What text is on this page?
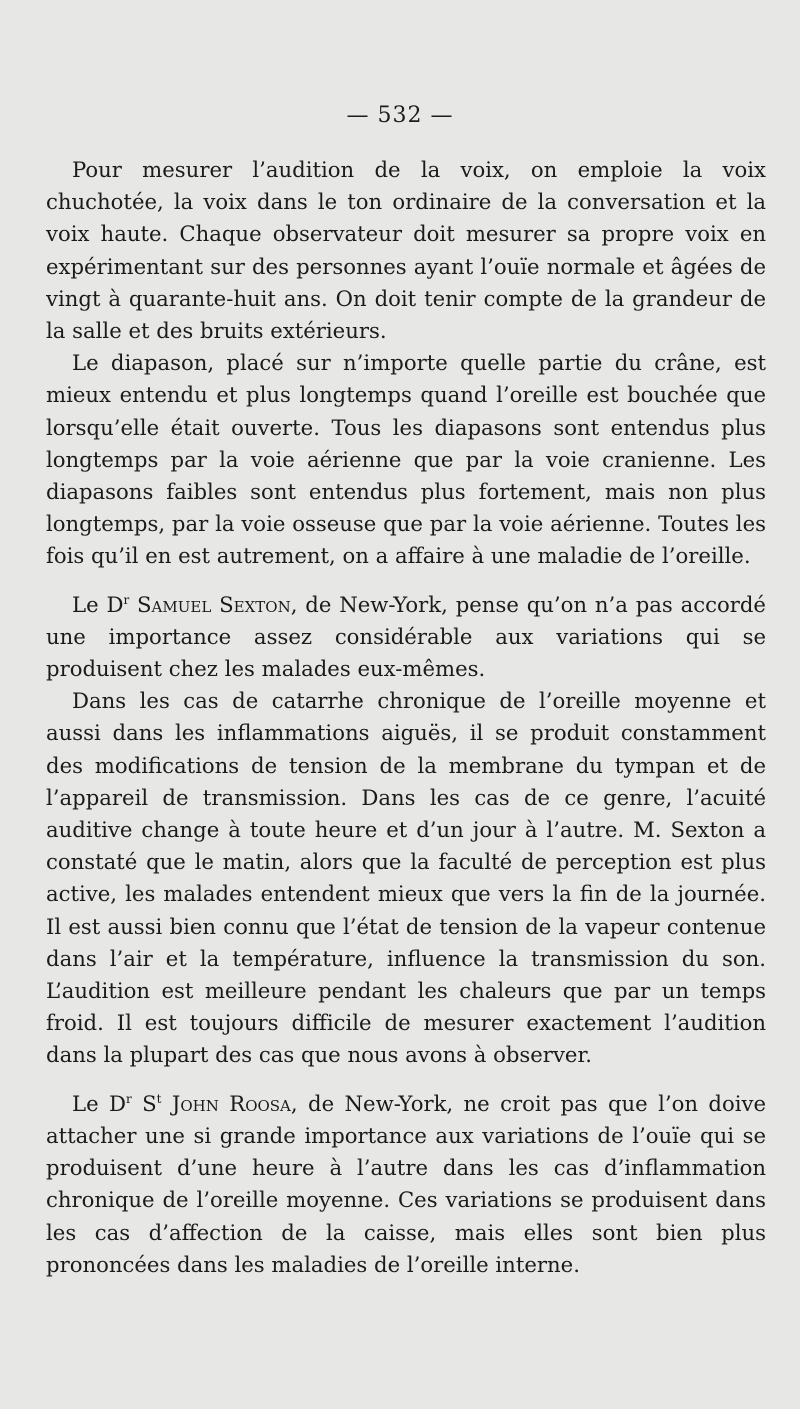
— 532 —

Pour mesurer l’audition de la voix, on emploie la voix chuchotée, la voix dans le ton ordinaire de la conversation et la voix haute. Chaque observateur doit mesurer sa propre voix en expérimentant sur des personnes ayant l’ouïe normale et âgées de vingt à quarante-huit ans. On doit tenir compte de la grandeur de la salle et des bruits extérieurs.

Le diapason, placé sur n’importe quelle partie du crâne, est mieux entendu et plus longtemps quand l’oreille est bouchée que lorsqu’elle était ouverte. Tous les diapasons sont entendus plus longtemps par la voie aérienne que par la voie cranienne. Les diapasons faibles sont entendus plus fortement, mais non plus longtemps, par la voie osseuse que par la voie aérienne. Toutes les fois qu’il en est autrement, on a affaire à une maladie de l’oreille.

Le $D^r$ Samuel Sexton, de New-York, pense qu’on n’a pas accordé une importance assez considérable aux variations qui se produisent chez les malades eux-mêmes.

Dans les cas de catarrhe chronique de l’oreille moyenne et aussi dans les inflammations aiguës, il se produit constamment des modifications de tension de la membrane du tympan et de l’appareil de transmission. Dans les cas de ce genre, l’acuité auditive change à toute heure et d’un jour à l’autre. M. Sexton a constaté que le matin, alors que la faculté de perception est plus active, les malades entendent mieux que vers la fin de la journée. Il est aussi bien connu que l’état de tension de la vapeur contenue dans l’air et la température, influence la transmission du son. L’audition est meilleure pendant les chaleurs que par un temps froid. Il est toujours difficile de mesurer exactement l’audition dans la plupart des cas que nous avons à observer.

Le $D^r$ $S^t$ John Roosa, de New-York, ne croit pas que l’on doive attacher une si grande importance aux variations de l’ouïe qui se produisent d’une heure à l’autre dans les cas d’inflammation chronique de l’oreille moyenne. Ces variations se produisent dans les cas d’affection de la caisse, mais elles sont bien plus prononcées dans les maladies de l’oreille interne.
